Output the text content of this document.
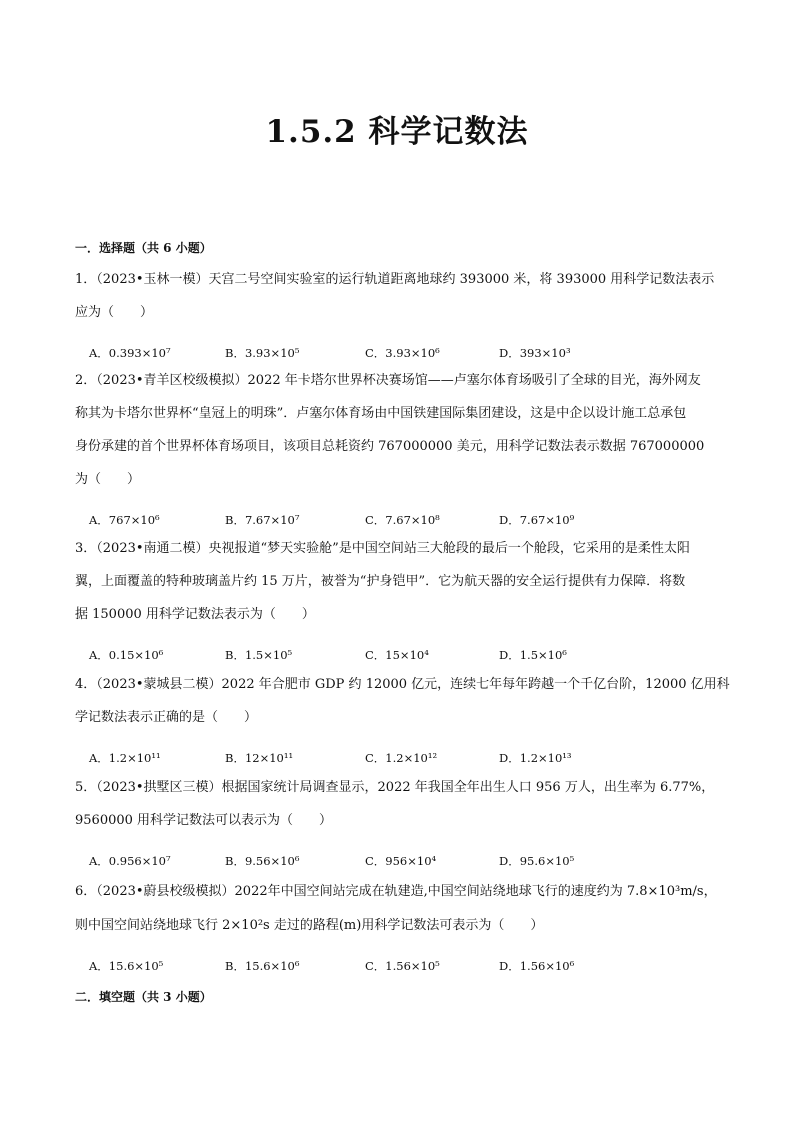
1.5.2 科学记数法
一．选择题（共 6 小题）
1．（2023•玉林一模）天宫二号空间实验室的运行轨道距离地球约 393000 米，将 393000 用科学记数法表示
应为（　　）
A．0.393×10⁷	B．3.93×10⁵	C．3.93×10⁶	D．393×10³
2．（2023•青羊区校级模拟）2022 年卡塔尔世界杯决赛场馆——卢塞尔体育场吸引了全球的目光，海外网友
称其为卡塔尔世界杯“皇冠上的明珠”．卢塞尔体育场由中国铁建国际集团建设，这是中企以设计施工总承包
身份承建的首个世界杯体育场项目，该项目总耗资约 767000000 美元，用科学记数法表示数据 767000000
为（　　）
A．767×10⁶	B．7.67×10⁷	C．7.67×10⁸	D．7.67×10⁹
3．（2023•南通二模）央视报道“梦天实验舱”是中国空间站三大舱段的最后一个舱段，它采用的是柔性太阳
翼，上面覆盖的特种玻璃盖片约 15 万片，被誉为“护身铠甲”．它为航天器的安全运行提供有力保障．将数
据 150000 用科学记数法表示为（　　）
A．0.15×10⁶	B．1.5×10⁵	C．15×10⁴	D．1.5×10⁶
4．（2023•蒙城县二模）2022 年合肥市 GDP 约 12000 亿元，连续七年每年跨越一个千亿台阶，12000 亿用科
学记数法表示正确的是（　　）
A．1.2×10¹¹	B．12×10¹¹	C．1.2×10¹²	D．1.2×10¹³
5．（2023•拱墅区三模）根据国家统计局调查显示，2022 年我国全年出生人口 956 万人，出生率为 6.77%，
9560000 用科学记数法可以表示为（　　）
A．0.956×10⁷	B．9.56×10⁶	C．956×10⁴	D．95.6×10⁵
6．（2023•蔚县校级模拟）2022年中国空间站完成在轨建造,中国空间站绕地球飞行的速度约为 7.8×10³m/s，
则中国空间站绕地球飞行 2×10²s 走过的路程(m)用科学记数法可表示为（　　）
A．15.6×10⁵	B．15.6×10⁶	C．1.56×10⁵	D．1.56×10⁶
二．填空题（共 3 小题）
